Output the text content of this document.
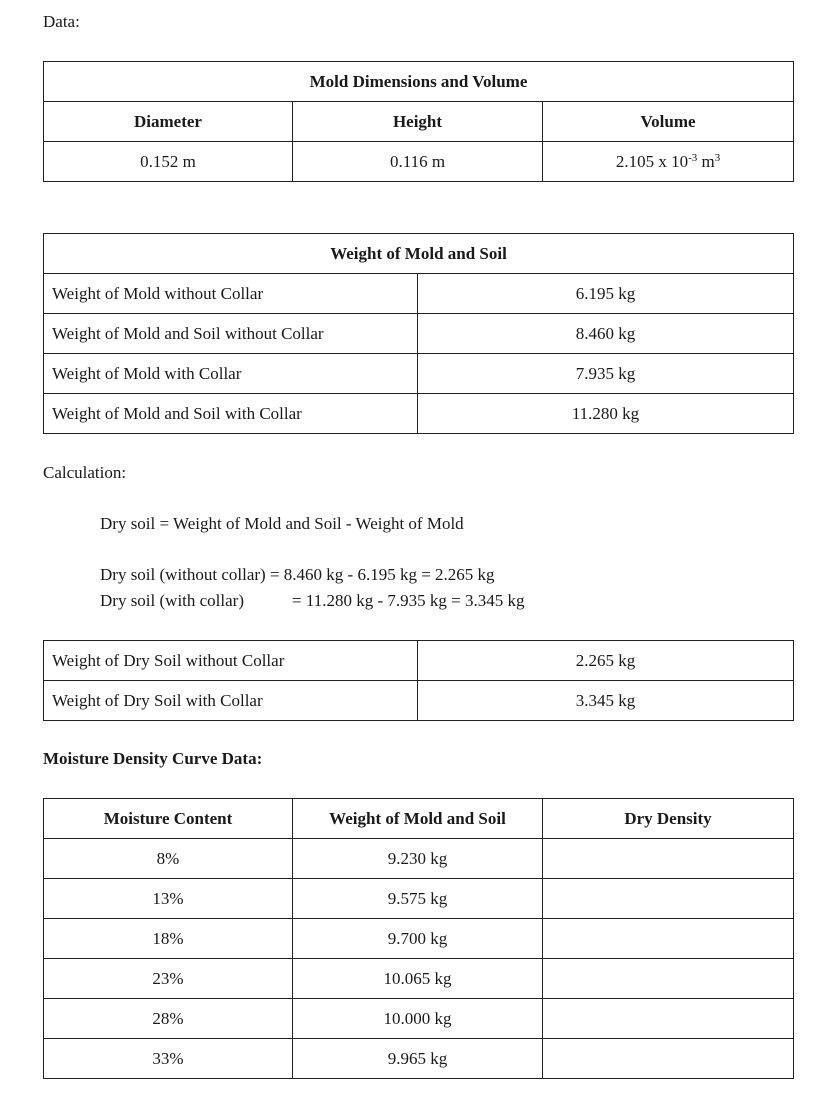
Data:
Mold Dimensions and Volume		
Diameter	Height	Volume
0.152 m	0.116 m	2.105 x $10^{-3}$ $m^3$
Weight of Mold and Soil	
Weight of Mold without Collar	6.195 kg
Weight of Mold and Soil without Collar	8.460 kg
Weight of Mold with Collar	7.935 kg
Weight of Mold and Soil with Collar	11.280 kg
Calculation:
Dry soil = Weight of Mold and Soil - Weight of Mold
Dry soil (without collar) = 8.460 kg - 6.195 kg = 2.265 kg
Dry soil (with collar)	= 11.280 kg - 7.935 kg = 3.345 kg
Weight of Dry Soil without Collar	2.265 kg
Weight of Dry Soil with Collar	3.345 kg
Moisture Density Curve Data:
Moisture Content	Weight of Mold and Soil	Dry Density
8%	9.230 kg	
13%	9.575 kg	
18%	9.700 kg	
23%	10.065 kg	
28%	10.000 kg	
33%	9.965 kg	
